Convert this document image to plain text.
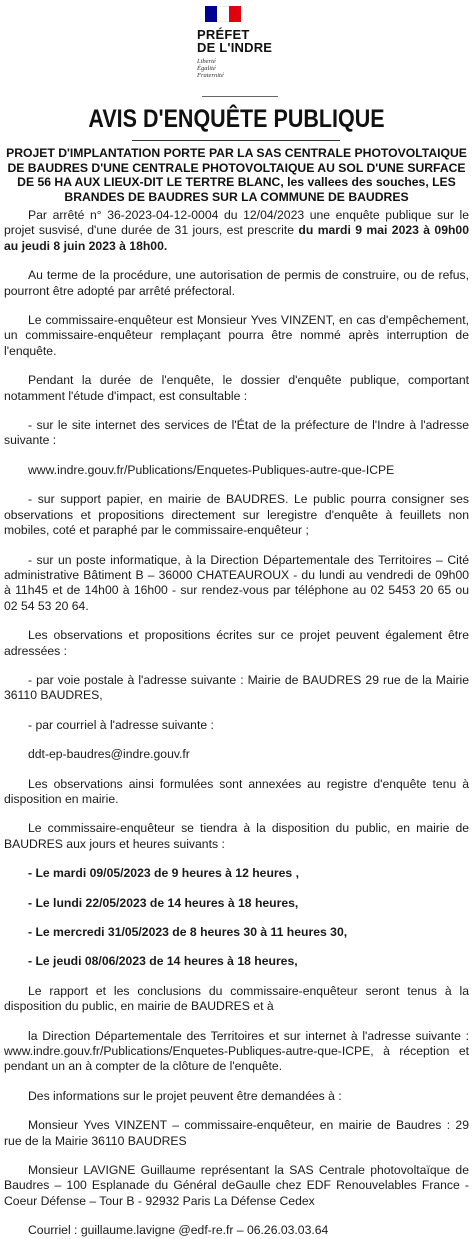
PRÉFET
DE L'INDRE
Liberté
Égalité
Fraternité
AVIS D'ENQUÊTE PUBLIQUE
PROJET D'IMPLANTATION PORTE PAR LA SAS CENTRALE PHOTOVOLTAIQUE DE BAUDRES D'UNE CENTRALE PHOTOVOLTAIQUE AU SOL D'UNE SURFACE DE 56 HA AUX LIEUX-DIT LE TERTRE BLANC, les vallees des souches, LES BRANDES DE BAUDRES SUR LA COMMUNE DE BAUDRES

Par arrêté n° 36-2023-04-12-0004 du 12/04/2023 une enquête publique sur le projet susvisé, d'une durée de 31 jours, est prescrite du mardi 9 mai 2023 à 09h00 au jeudi 8 juin 2023 à 18h00.

Au terme de la procédure, une autorisation de permis de construire, ou de refus, pourront être adopté par arrêté préfectoral.

Le commissaire-enquêteur est Monsieur Yves VINZENT, en cas d'empêchement, un commissaire-enquêteur remplaçant pourra être nommé après interruption de l'enquête.

Pendant la durée de l'enquête, le dossier d'enquête publique, comportant notamment l'étude d'impact, est consultable :

- sur le site internet des services de l'État de la préfecture de l'Indre à l'adresse suivante :

www.indre.gouv.fr/Publications/Enquetes-Publiques-autre-que-ICPE

- sur support papier, en mairie de BAUDRES. Le public pourra consigner ses observations et propositions directement sur leregistre d'enquête à feuillets non mobiles, coté et paraphé par le commissaire-enquêteur ;

- sur un poste informatique, à la Direction Départementale des Territoires – Cité administrative Bâtiment B – 36000 CHATEAUROUX - du lundi au vendredi de 09h00 à 11h45 et de 14h00 à 16h00 - sur rendez-vous par téléphone au 02 5453 20 65 ou 02 54 53 20 64.

Les observations et propositions écrites sur ce projet peuvent également être adressées :

- par voie postale à l'adresse suivante : Mairie de BAUDRES 29 rue de la Mairie 36110 BAUDRES,

- par courriel à l'adresse suivante :

ddt-ep-baudres@indre.gouv.fr

Les observations ainsi formulées sont annexées au registre d'enquête tenu à disposition en mairie.

Le commissaire-enquêteur se tiendra à la disposition du public, en mairie de BAUDRES aux jours et heures suivants :

- Le mardi 09/05/2023 de 9 heures à 12 heures ,

- Le lundi 22/05/2023 de 14 heures à 18 heures,

- Le mercredi 31/05/2023 de 8 heures 30 à 11 heures 30,

- Le jeudi 08/06/2023 de 14 heures à 18 heures,

Le rapport et les conclusions du commissaire-enquêteur seront tenus à la disposition du public, en mairie de BAUDRES et à

la Direction Départementale des Territoires et sur internet à l'adresse suivante : www.indre.gouv.fr/Publications/Enquetes-Publiques-autre-que-ICPE, à réception et pendant un an à compter de la clôture de l'enquête.

Des informations sur le projet peuvent être demandées à :

Monsieur Yves VINZENT – commissaire-enquêteur, en mairie de Baudres : 29 rue de la Mairie 36110 BAUDRES

Monsieur LAVIGNE Guillaume représentant la SAS Centrale photovoltaïque de Baudres – 100 Esplanade du Général deGaulle chez EDF Renouvelables France - Coeur Défense – Tour B - 92932 Paris La Défense Cedex

Courriel : guillaume.lavigne @edf-re.fr – 06.26.03.03.64
